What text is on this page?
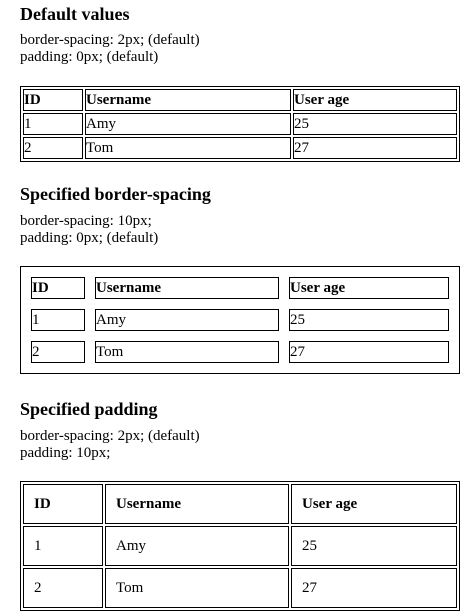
Default values
border-spacing: 2px; (default)
padding: 0px; (default)
ID	Username	User age
1	Amy	25
2	Tom	27
Specified border-spacing
border-spacing: 10px;
padding: 0px; (default)
ID	Username	User age
1	Amy	25
2	Tom	27
Specified padding
border-spacing: 2px; (default)
padding: 10px;
ID	Username	User age
1	Amy	25
2	Tom	27
